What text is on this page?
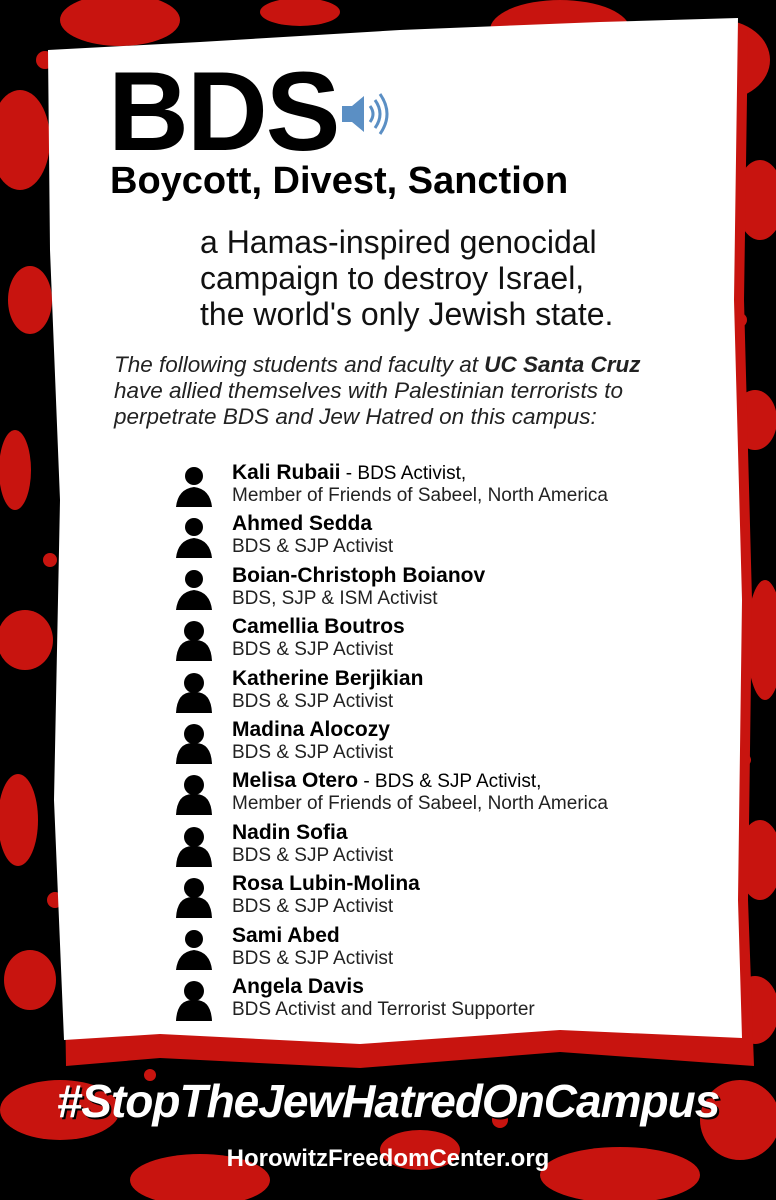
BDS
Boycott, Divest, Sanction
a Hamas-inspired genocidal
campaign to destroy Israel,
the world's only Jewish state.
The following students and faculty at UC Santa Cruz
have allied themselves with Palestinian terrorists to
perpetrate BDS and Jew Hatred on this campus:
Kali Rubaii - BDS Activist,
Member of Friends of Sabeel, North America
Ahmed Sedda
BDS & SJP Activist
Boian-Christoph Boianov
BDS, SJP & ISM Activist
Camellia Boutros
BDS & SJP Activist
Katherine Berjikian
BDS & SJP Activist
Madina Alocozy
BDS & SJP Activist
Melisa Otero - BDS & SJP Activist,
Member of Friends of Sabeel, North America
Nadin Sofia
BDS & SJP Activist
Rosa Lubin-Molina
BDS & SJP Activist
Sami Abed
BDS & SJP Activist
Angela Davis
BDS Activist and Terrorist Supporter
#StopTheJewHatredOnCampus
HorowitzFreedomCenter.org
